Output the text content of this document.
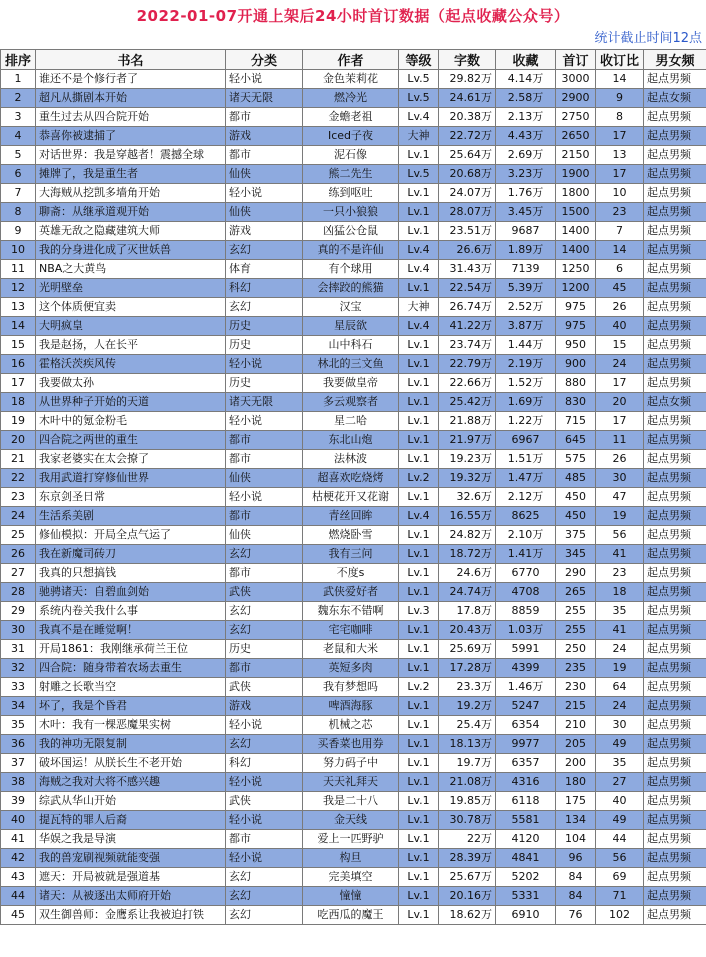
2022-01-07开通上架后24小时首订数据（起点收藏公众号）
统计截止时间12点
排序	书名	分类	作者	等级	字数	收藏	首订	收订比	男女频
1	谁还不是个修行者了	轻小说	金色茉莉花	Lv.5	29.82万	4.14万	3000	14	起点男频
2	超凡从撕剧本开始	诸天无限	燃冷光	Lv.5	24.61万	2.58万	2900	9	起点女频
3	重生过去从四合院开始	都市	金蟾老祖	Lv.4	20.38万	2.13万	2750	8	起点男频
4	恭喜你被逮捕了	游戏	Iced子夜	大神	22.72万	4.43万	2650	17	起点男频
5	对话世界：我是穿越者！震撼全球	都市	泥石像	Lv.1	25.64万	2.69万	2150	13	起点男频
6	摊牌了，我是重生者	仙侠	熊二先生	Lv.5	20.68万	3.23万	1900	17	起点男频
7	大海贼从挖凯多墙角开始	轻小说	练到呕吐	Lv.1	24.07万	1.76万	1800	10	起点男频
8	聊斋：从继承道观开始	仙侠	一只小狼狼	Lv.1	28.07万	3.45万	1500	23	起点男频
9	英雄无敌之隐藏建筑大师	游戏	凶猛公仓鼠	Lv.1	23.51万	9687	1400	7	起点男频
10	我的分身进化成了灭世妖兽	玄幻	真的不是许仙	Lv.4	26.6万	1.89万	1400	14	起点男频
11	NBA之大黄鸟	体育	有个球用	Lv.4	31.43万	7139	1250	6	起点男频
12	光明壁垒	科幻	会摔跤的熊猫	Lv.1	22.54万	5.39万	1200	45	起点男频
13	这个体质便宜卖	玄幻	汉宝	大神	26.74万	2.52万	975	26	起点男频
14	大明疯皇	历史	星辰欲	Lv.4	41.22万	3.87万	975	40	起点男频
15	我是赵扬，人在长平	历史	山中科石	Lv.1	23.74万	1.44万	950	15	起点男频
16	霍格沃茨疾风传	轻小说	林北的三文鱼	Lv.1	22.79万	2.19万	900	24	起点男频
17	我要做太孙	历史	我要做皇帝	Lv.1	22.66万	1.52万	880	17	起点男频
18	从世界种子开始的天道	诸天无限	多云观察者	Lv.1	25.42万	1.69万	830	20	起点女频
19	木叶中的氪金粉毛	轻小说	星二哈	Lv.1	21.88万	1.22万	715	17	起点男频
20	四合院之两世的重生	都市	东北山炮	Lv.1	21.97万	6967	645	11	起点男频
21	我家老婆实在太会撩了	都市	法林波	Lv.1	19.23万	1.51万	575	26	起点男频
22	我用武道打穿修仙世界	仙侠	超喜欢吃烧烤	Lv.2	19.32万	1.47万	485	30	起点男频
23	东京剑圣日常	轻小说	枯梗花开又花谢	Lv.1	32.6万	2.12万	450	47	起点男频
24	生活系美剧	都市	青丝回眸	Lv.4	16.55万	8625	450	19	起点男频
25	修仙模拟：开局全点气运了	仙侠	燃烧卧雪	Lv.1	24.82万	2.10万	375	56	起点男频
26	我在新魔司砖刀	玄幻	我有三问	Lv.1	18.72万	1.41万	345	41	起点男频
27	我真的只想搞钱	都市	不度s	Lv.1	24.6万	6770	290	23	起点男频
28	驰骋诸天：自碧血剑始	武侠	武侠爱好者	Lv.1	24.74万	4708	265	18	起点男频
29	系统内卷关我什么事	玄幻	魏东东不错啊	Lv.3	17.8万	8859	255	35	起点男频
30	我真不是在睡觉啊！	玄幻	宅宅咖啡	Lv.1	20.43万	1.03万	255	41	起点男频
31	开局1861：我刚继承荷兰王位	历史	老鼠和大米	Lv.1	25.69万	5991	250	24	起点男频
32	四合院：随身带着农场去重生	都市	英短多肉	Lv.1	17.28万	4399	235	19	起点男频
33	射雕之长歌当空	武侠	我有梦想吗	Lv.2	23.3万	1.46万	230	64	起点男频
34	坏了，我是个昏君	游戏	啤酒海豚	Lv.1	19.2万	5247	215	24	起点男频
35	木叶：我有一棵恶魔果实树	轻小说	机械之芯	Lv.1	25.4万	6354	210	30	起点男频
36	我的神功无限复制	玄幻	买香菜也用券	Lv.1	18.13万	9977	205	49	起点男频
37	破坏国运！从朕长生不老开始	科幻	努力码子中	Lv.1	19.7万	6357	200	35	起点男频
38	海贼之我对大将不感兴趣	轻小说	天天礼拜天	Lv.1	21.08万	4316	180	27	起点男频
39	综武从华山开始	武侠	我是二十八	Lv.1	19.85万	6118	175	40	起点男频
40	提瓦特的罪人后裔	轻小说	金天线	Lv.1	30.78万	5581	134	49	起点男频
41	华娱之我是导演	都市	爱上一匹野驴	Lv.1	22万	4120	104	44	起点男频
42	我的兽宠刷视频就能变强	轻小说	构旦	Lv.1	28.39万	4841	96	56	起点男频
43	遮天：开局被就是强道基	玄幻	完美填空	Lv.1	25.67万	5202	84	69	起点男频
44	诸天：从被逐出太师府开始	玄幻	憧憧	Lv.1	20.16万	5331	84	71	起点男频
45	双生御兽师：金鹰系让我被迫打铁	玄幻	吃西瓜的魔王	Lv.1	18.62万	6910	76	102	起点男频
